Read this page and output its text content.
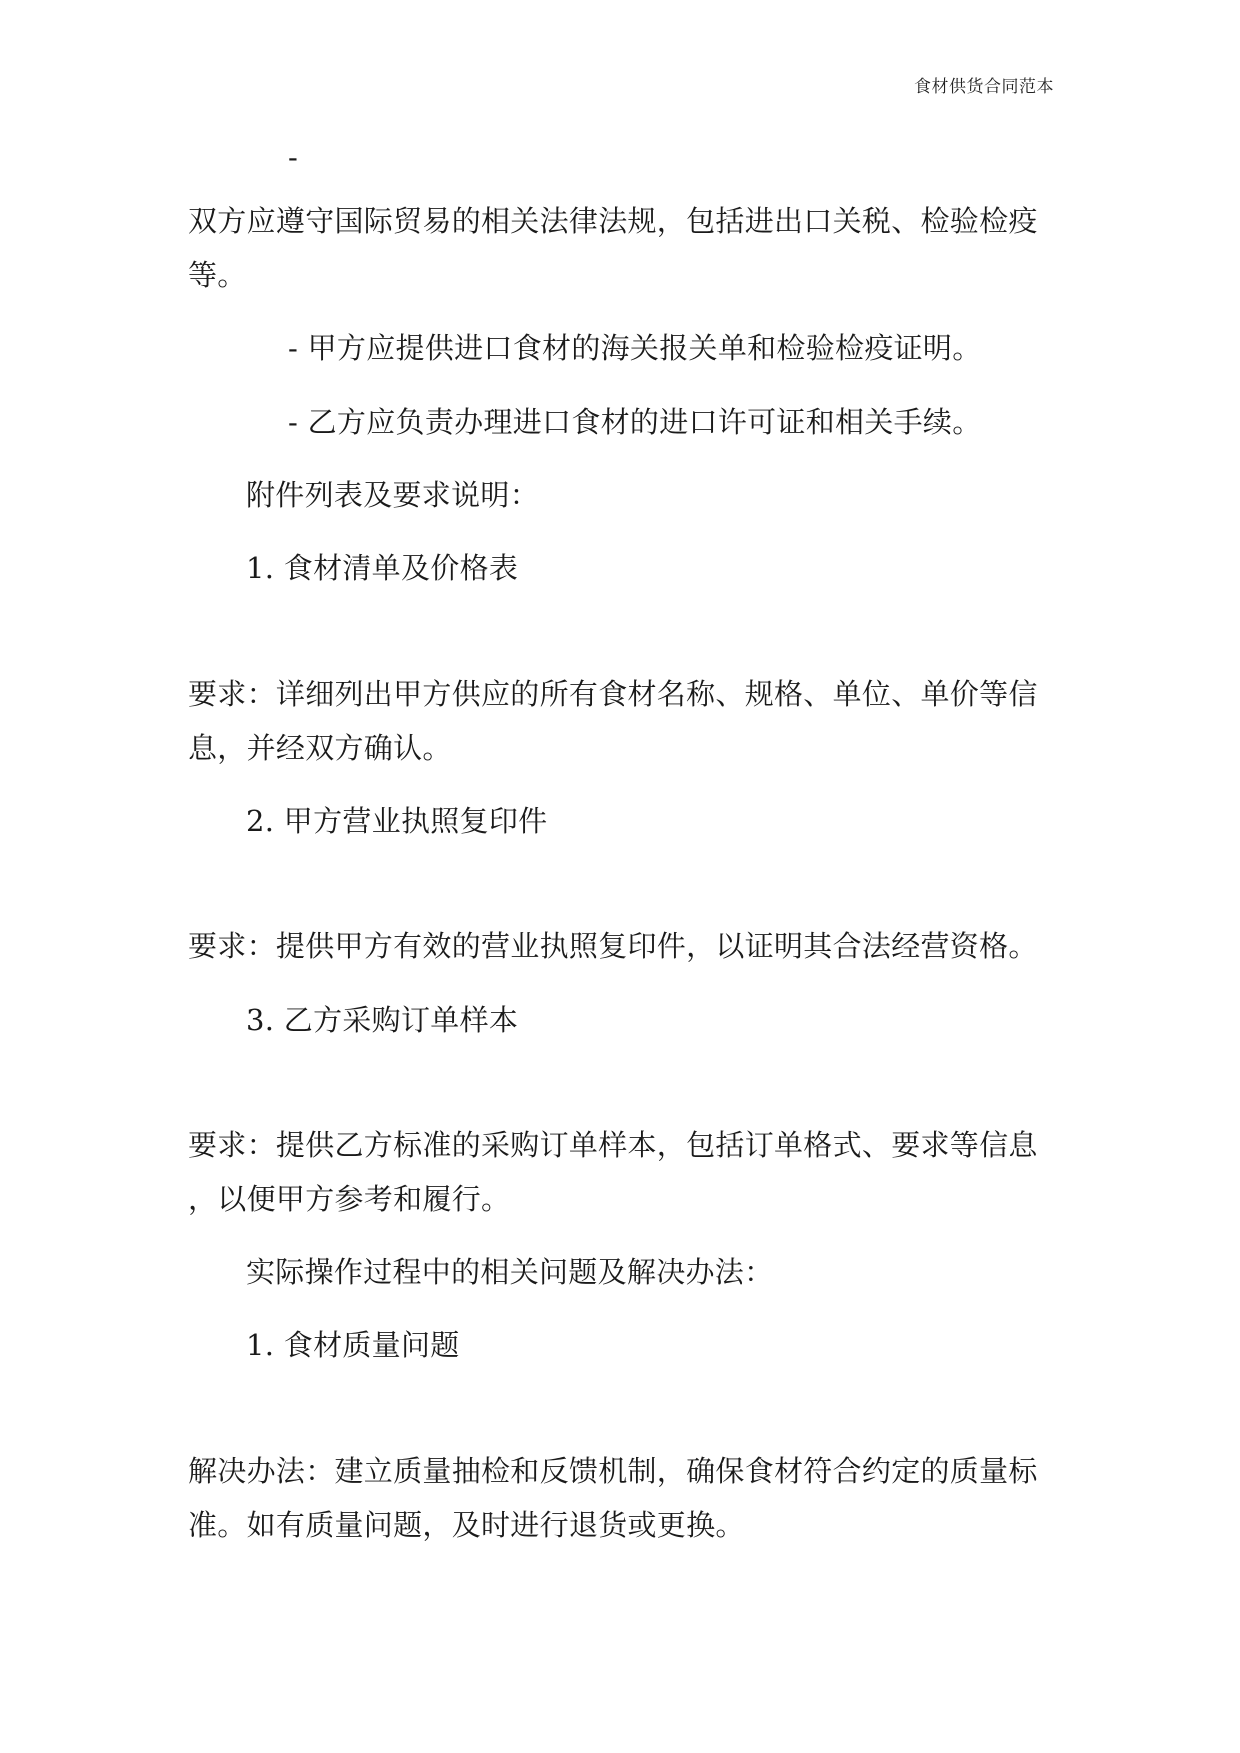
食材供货合同范本
-
双方应遵守国际贸易的相关法律法规，包括进出口关税、检验检疫
等。
- 甲方应提供进口食材的海关报关单和检验检疫证明。
- 乙方应负责办理进口食材的进口许可证和相关手续。
附件列表及要求说明：
1. 食材清单及价格表
要求：详细列出甲方供应的所有食材名称、规格、单位、单价等信
息，并经双方确认。
2. 甲方营业执照复印件
要求：提供甲方有效的营业执照复印件，以证明其合法经营资格。
3. 乙方采购订单样本
要求：提供乙方标准的采购订单样本，包括订单格式、要求等信息
，以便甲方参考和履行。
实际操作过程中的相关问题及解决办法：
1. 食材质量问题
解决办法：建立质量抽检和反馈机制，确保食材符合约定的质量标
准。如有质量问题，及时进行退货或更换。
